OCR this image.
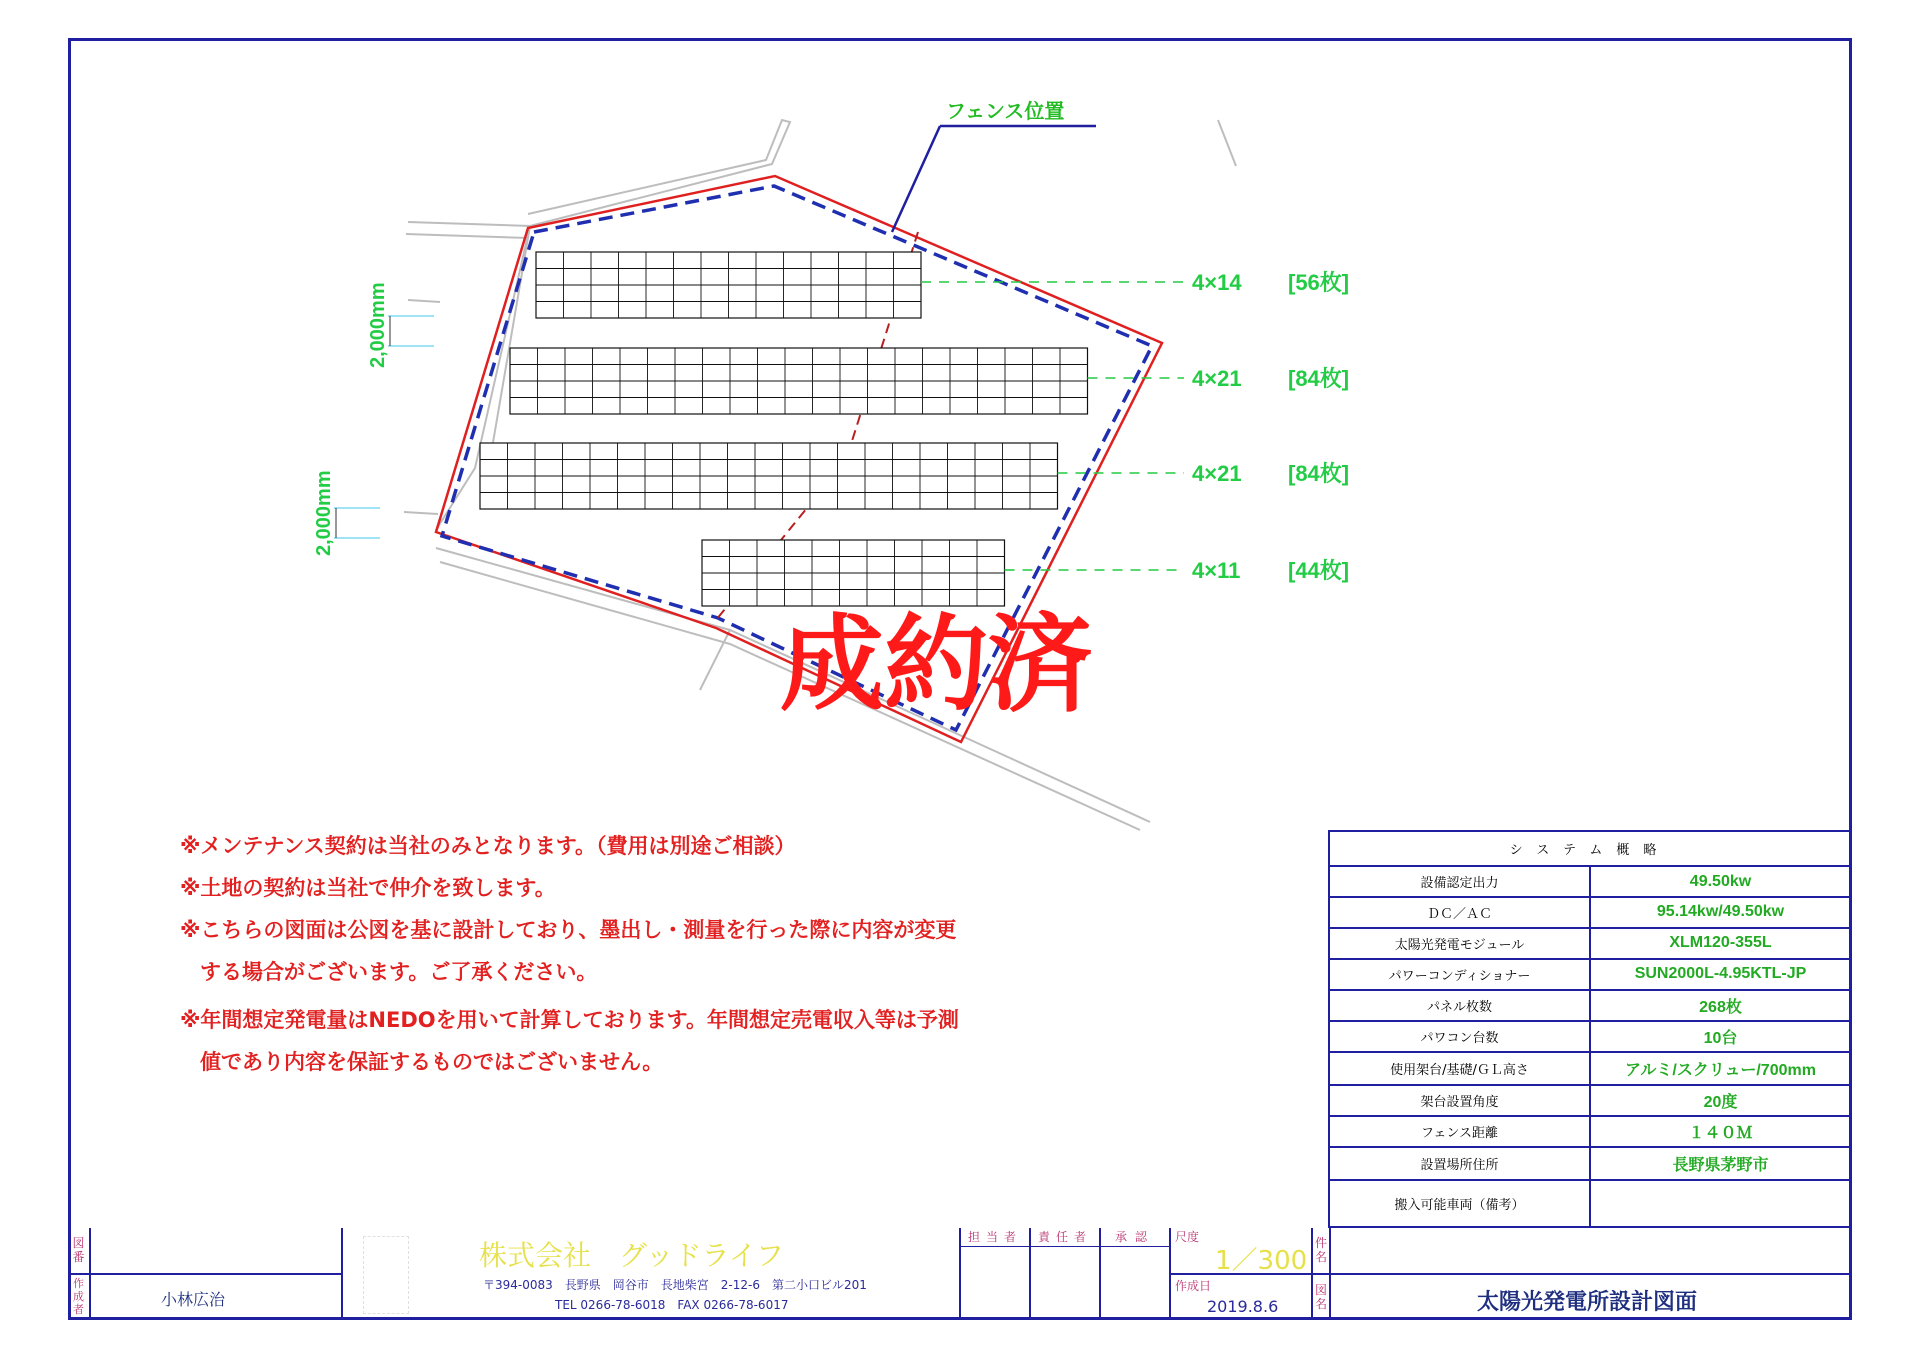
フェンス位置
2,000mm
2,000mm
4×14 [56枚]
4×21 [84枚]
4×21 [84枚]
4×11 [44枚]
成約済
※メンテナンス契約は当社のみとなります。（費用は別途ご相談）
※土地の契約は当社で仲介を致します。
※こちらの図面は公図を基に設計しており、墨出し・測量を行った際に内容が変更
する場合がございます。ご了承ください。
※年間想定発電量はNEDOを用いて計算しております。年間想定売電収入等は予測
値であり内容を保証するものではございません。
システム概略	
設備認定出力	49.50kw
ＤＣ／ＡＣ	95.14kw/49.50kw
太陽光発電モジュール	XLM120-355L
パワーコンディショナー	SUN2000L-4.95KTL-JP
パネル枚数	268枚
パワコン台数	10台
使用架台/基礎/ＧＬ高さ	アルミ/スクリュー/700mm
架台設置角度	20度
フェンス距離	１４０Ｍ
設置場所住所	長野県茅野市
搬入可能車両（備考）	
図番
作成者
小林広治
株式会社　グッドライフ
〒394-0083　長野県　岡谷市　長地柴宮　2-12-6　第二小口ビル201
TEL 0266-78-6018　FAX 0266-78-6017
担当者	責任者	承認	尺度
1／300
作成日
2019.8.6
件名
図名	太陽光発電所設計図面
